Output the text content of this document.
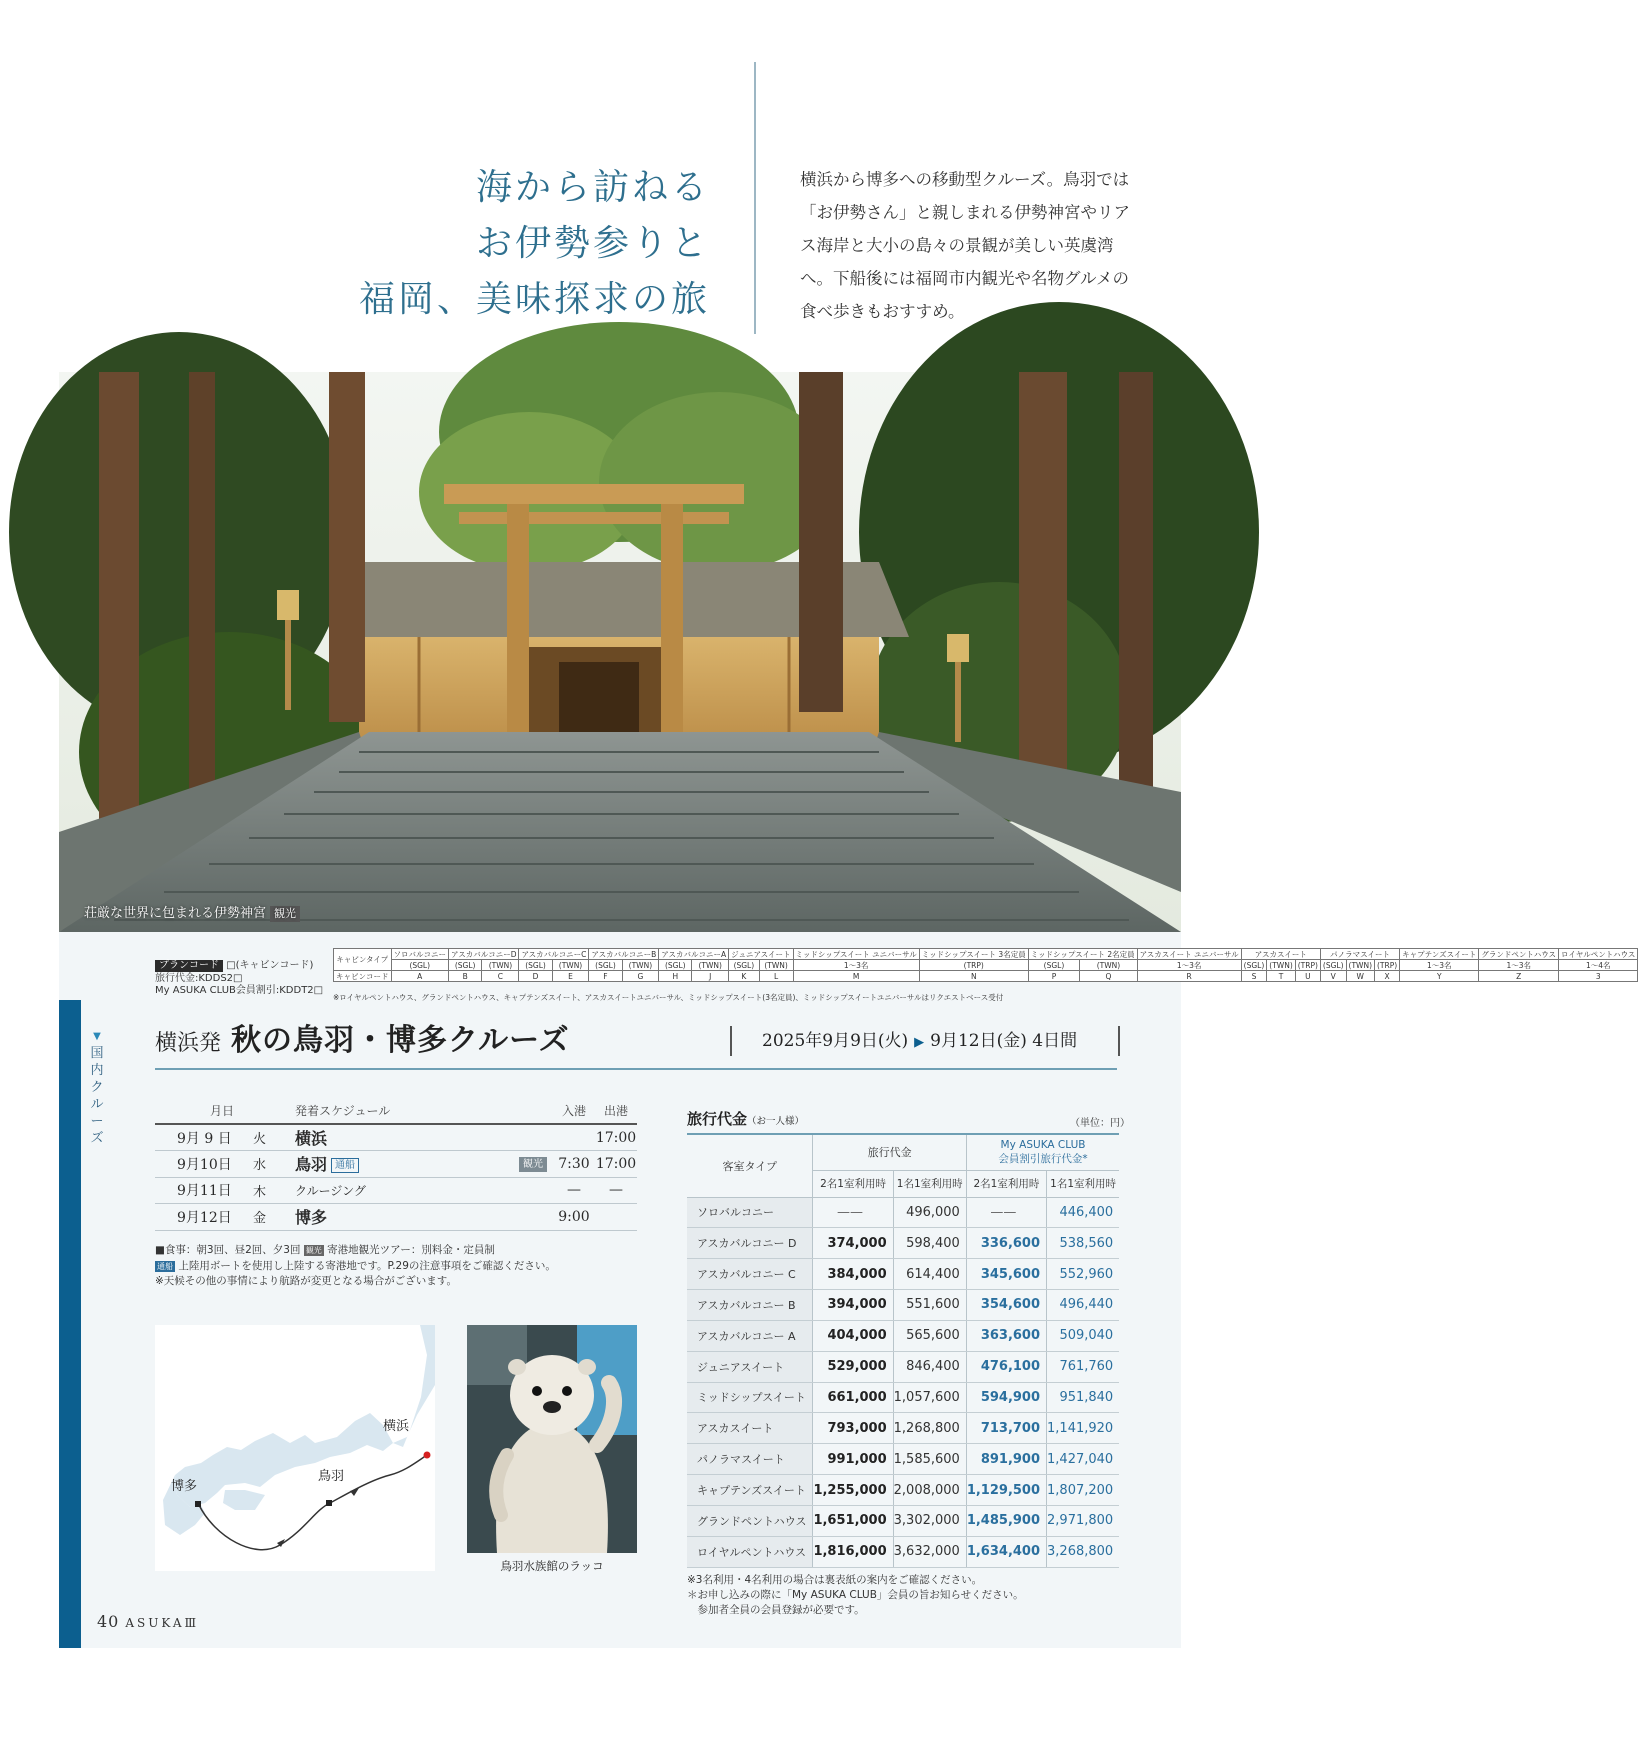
海から訪ねる
お伊勢参りと
福岡、美味探求の旅
横浜から博多への移動型クルーズ。鳥羽では「お伊勢さん」と親しまれる伊勢神宮やリアス海岸と大小の島々の景観が美しい英虞湾へ。下船後には福岡市内観光や名物グルメの食べ歩きもおすすめ。
荘厳な世界に包まれる伊勢神宮 観光
▼
国内クルーズ
プランコード □(キャビンコード)
旅行代金:KDDS2□
My ASUKA CLUB会員割引:KDDT2□
キャビンタイプ	ソロバルコニー	アスカバルコニーD		アスカバルコニーC		アスカバルコニーB		アスカバルコニーA		ジュニアスイート		ミッドシップスイート ユニバーサル	ミッドシップスイート 3名定員	ミッドシップスイート 2名定員		アスカスイート ユニバーサル	アスカスイート			パノラマスイート			キャプテンズスイート	グランドペントハウス	ロイヤルペントハウス
	(SGL)	(SGL)	(TWN)	(SGL)	(TWN)	(SGL)	(TWN)	(SGL)	(TWN)	(SGL)	(TWN)	1〜3名	(TRP)	(SGL)	(TWN)	1〜3名	(SGL)	(TWN)	(TRP)	(SGL)	(TWN)	(TRP)	1〜3名	1〜3名	1〜4名
キャビンコード	A	B	C	D	E	F	G	H	J	K	L	M	N	P	Q	R	S	T	U	V	W	X	Y	Z	3
※ロイヤルペントハウス、グランドペントハウス、キャプテンズスイート、アスカスイートユニバーサル、ミッドシップスイート(3名定員)、ミッドシップスイートユニバーサルはリクエストベース受付
横浜発 秋の鳥羽・博多クルーズ	2025年9月9日(火) ▶ 9月12日(金) 4日間
月日		発着スケジュール		入港	出港
9月 9 日	火	横浜			17:00
9月10日	水	鳥羽 通船	観光	7:30	17:00
9月11日	木	クルージング		—	—
9月12日	金	博多		9:00	
■食事：朝3回、昼2回、夕3回 観光 寄港地観光ツアー：別料金・定員制
通船 上陸用ボートを使用し上陸する寄港地です。P.29の注意事項をご確認ください。
※天候その他の事情により航路が変更となる場合がございます。
横浜
鳥羽
博多
鳥羽水族館のラッコ
旅行代金（お一人様）	（単位：円）
客室タイプ	旅行代金		My ASUKA CLUB
会員割引旅行代金*	

	2名1室利用時	1名1室利用時	2名1室利用時	1名1室利用時
ソロバルコニー	——	496,000	——	446,400
アスカバルコニー D	374,000	598,400	336,600	538,560
アスカバルコニー C	384,000	614,400	345,600	552,960
アスカバルコニー B	394,000	551,600	354,600	496,440
アスカバルコニー A	404,000	565,600	363,600	509,040
ジュニアスイート	529,000	846,400	476,100	761,760
ミッドシップスイート	661,000	1,057,600	594,900	951,840
アスカスイート	793,000	1,268,800	713,700	1,141,920
パノラマスイート	991,000	1,585,600	891,900	1,427,040
キャプテンズスイート	1,255,000	2,008,000	1,129,500	1,807,200
グランドペントハウス	1,651,000	3,302,000	1,485,900	2,971,800
ロイヤルペントハウス	1,816,000	3,632,000	1,634,400	3,268,800
※3名利用・4名利用の場合は裏表紙の案内をご確認ください。
＊お申し込みの際に「My ASUKA CLUB」会員の旨お知らせください。
　参加者全員の会員登録が必要です。
40 ASUKAⅢ
